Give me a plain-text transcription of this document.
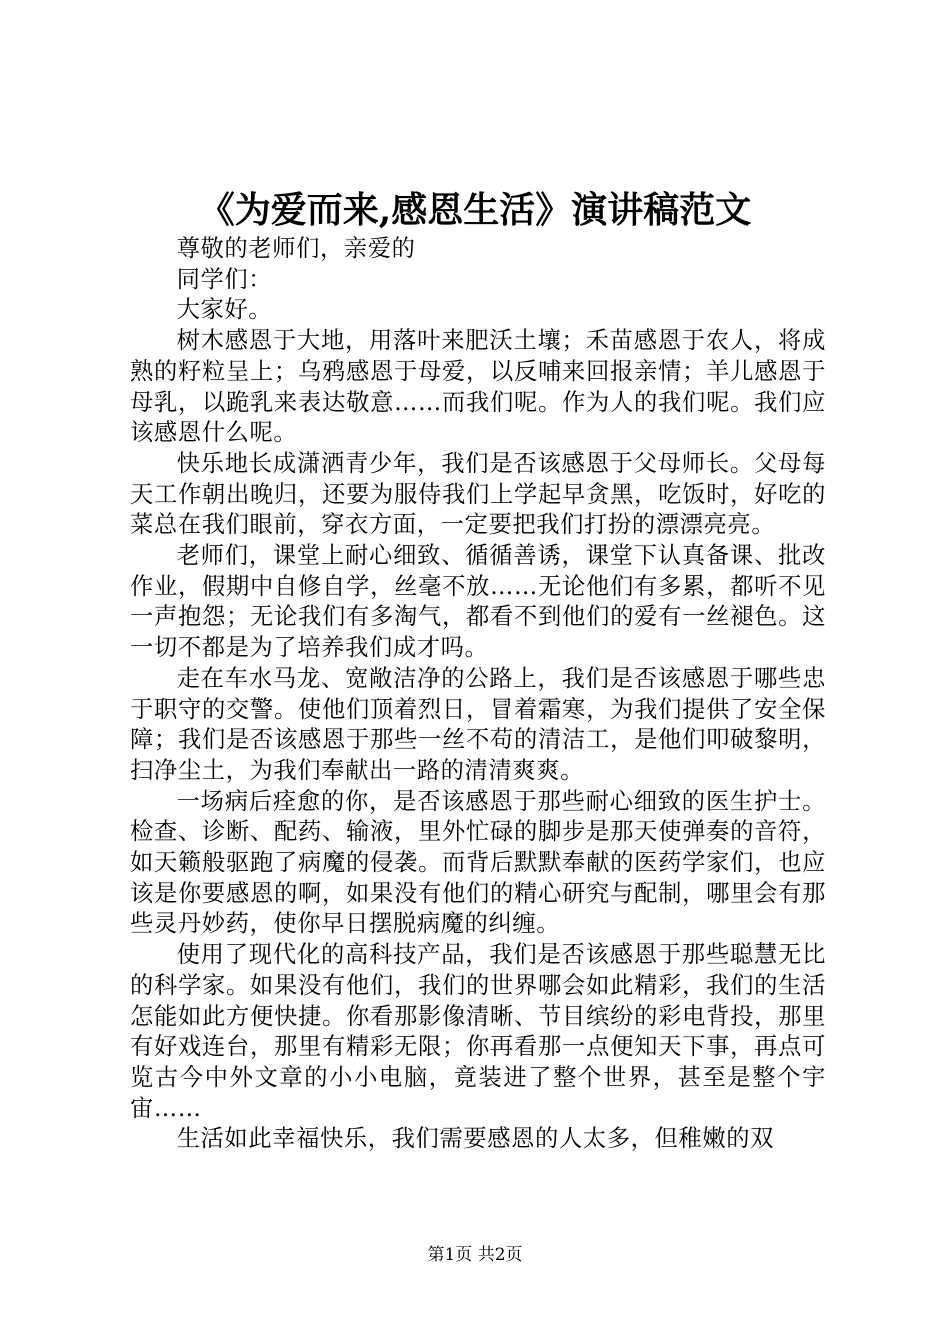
《为爱而来,感恩生活》演讲稿范文

尊敬的老师们，亲爱的

同学们：

大家好。

树木感恩于大地，用落叶来肥沃土壤；禾苗感恩于农人，将成熟的籽粒呈上；乌鸦感恩于母爱，以反哺来回报亲情；羊儿感恩于母乳，以跪乳来表达敬意……而我们呢。作为人的我们呢。我们应该感恩什么呢。

快乐地长成潇洒青少年，我们是否该感恩于父母师长。父母每天工作朝出晚归，还要为服侍我们上学起早贪黑，吃饭时，好吃的菜总在我们眼前，穿衣方面，一定要把我们打扮的漂漂亮亮。

老师们，课堂上耐心细致、循循善诱，课堂下认真备课、批改作业，假期中自修自学，丝毫不放……无论他们有多累，都听不见一声抱怨；无论我们有多淘气，都看不到他们的爱有一丝褪色。这一切不都是为了培养我们成才吗。

走在车水马龙、宽敞洁净的公路上，我们是否该感恩于哪些忠于职守的交警。使他们顶着烈日，冒着霜寒，为我们提供了安全保障；我们是否该感恩于那些一丝不苟的清洁工，是他们叩破黎明，扫净尘土，为我们奉献出一路的清清爽爽。

一场病后痊愈的你，是否该感恩于那些耐心细致的医生护士。检查、诊断、配药、输液，里外忙碌的脚步是那天使弹奏的音符，如天籁般驱跑了病魔的侵袭。而背后默默奉献的医药学家们，也应该是你要感恩的啊，如果没有他们的精心研究与配制，哪里会有那些灵丹妙药，使你早日摆脱病魔的纠缠。

使用了现代化的高科技产品，我们是否该感恩于那些聪慧无比的科学家。如果没有他们，我们的世界哪会如此精彩，我们的生活怎能如此方便快捷。你看那影像清晰、节目缤纷的彩电背投，那里有好戏连台，那里有精彩无限；你再看那一点便知天下事，再点可览古今中外文章的小小电脑，竟装进了整个世界，甚至是整个宇宙……

生活如此幸福快乐，我们需要感恩的人太多，但稚嫩的双

第1页 共2页
